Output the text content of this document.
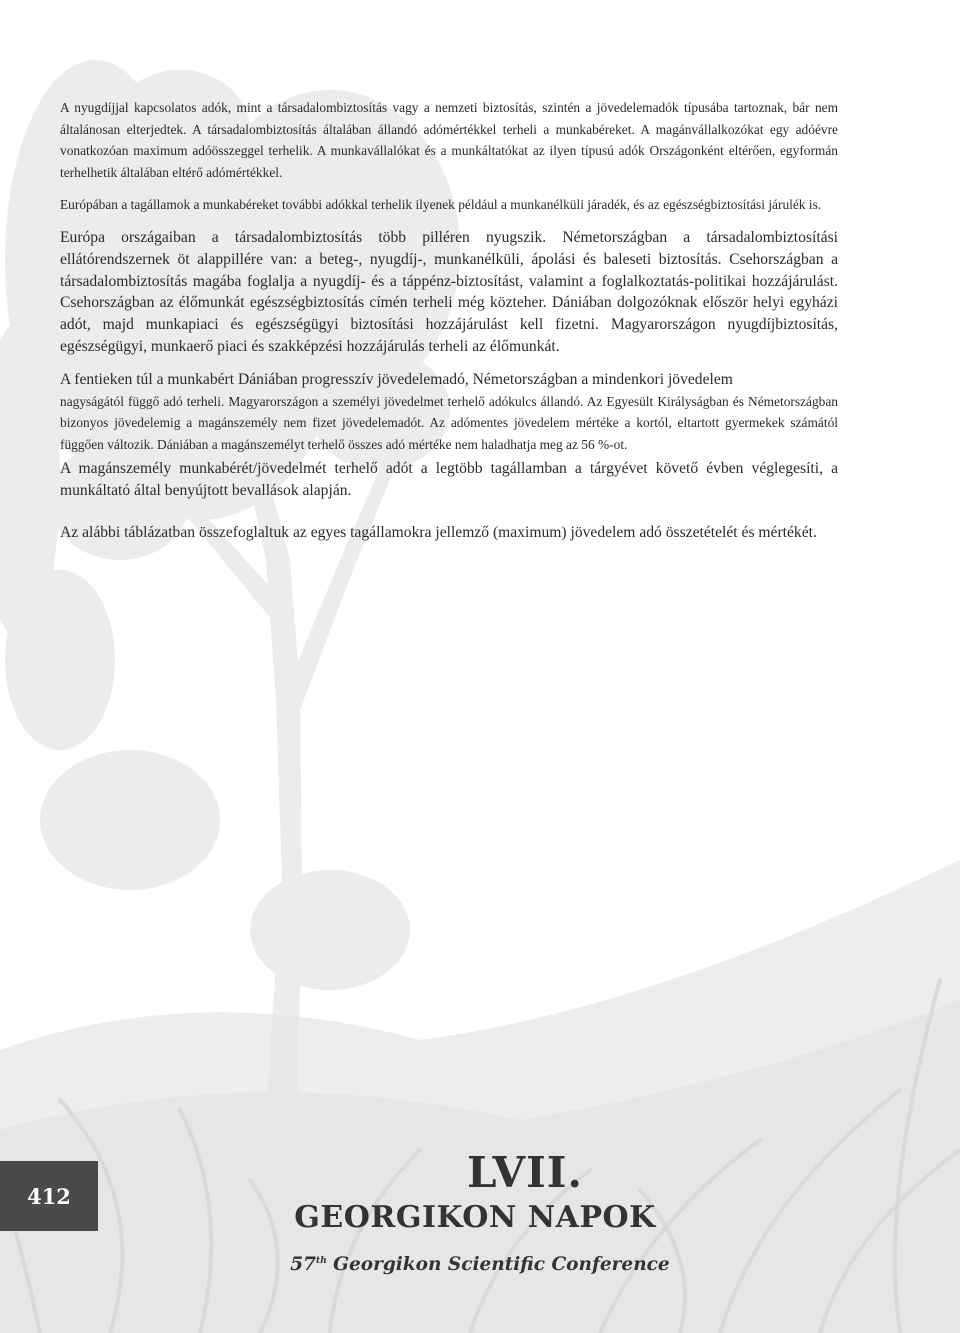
A nyugdíjjal kapcsolatos adók, mint a társadalombiztosítás vagy a nemzeti biztosítás, szintén a jövedelemadók típusába tartoznak, bár nem általánosan elterjedtek. A társadalombiztosítás általában állandó adómértékkel terheli a munkabéreket. A magánvállalkozókat egy adóévre vonatkozóan maximum adóösszeggel terhelik. A munkavállalókat és a munkáltatókat az ilyen típusú adók Országonként eltérően, egyformán terhelhetik általában eltérő adómértékkel.

Európában a tagállamok a munkabéreket további adókkal terhelik ilyenek például a munkanélküli járadék, és az egészségbiztosítási járulék is.

Európa országaiban a társadalombiztosítás több pilléren nyugszik. Németországban a társadalombiztosítási ellátórendszernek öt alappillére van: a beteg-, nyugdíj-, munkanélküli, ápolási és baleseti biztosítás. Csehországban a társadalombiztosítás magába foglalja a nyugdíj- és a táppénz-biztosítást, valamint a foglalkoztatás-politikai hozzájárulást. Csehországban az élőmunkát egészségbiztosítás címén terheli még közteher. Dániában dolgozóknak először helyi egyházi adót, majd munkapiaci és egészségügyi biztosítási hozzájárulást kell fizetni. Magyarországon nyugdíjbiztosítás, egészségügyi, munkaerő piaci és szakképzési hozzájárulás terheli az élőmunkát.

A fentieken túl a munkabért Dániában progresszív jövedelemadó, Németországban a mindenkori jövedelem

nagyságától függő adó terheli. Magyarországon a személyi jövedelmet terhelő adókulcs állandó. Az Egyesült Királyságban és Németországban bizonyos jövedelemig a magánszemély nem fizet jövedelemadót. Az adómentes jövedelem mértéke a kortól, eltartott gyermekek számától függően változik. Dániában a magánszemélyt terhelő összes adó mértéke nem haladhatja meg az 56 %-ot.

A magánszemély munkabérét/jövedelmét terhelő adót a legtöbb tagállamban a tárgyévet követő évben véglegesíti, a munkáltató által benyújtott bevallások alapján.

Az alábbi táblázatban összefoglaltuk az egyes tagállamokra jellemző (maximum) jövedelem adó összetételét és mértékét.

412	LVII.
GEORGIKON NAPOK
57th Georgikon Scientific Conference
